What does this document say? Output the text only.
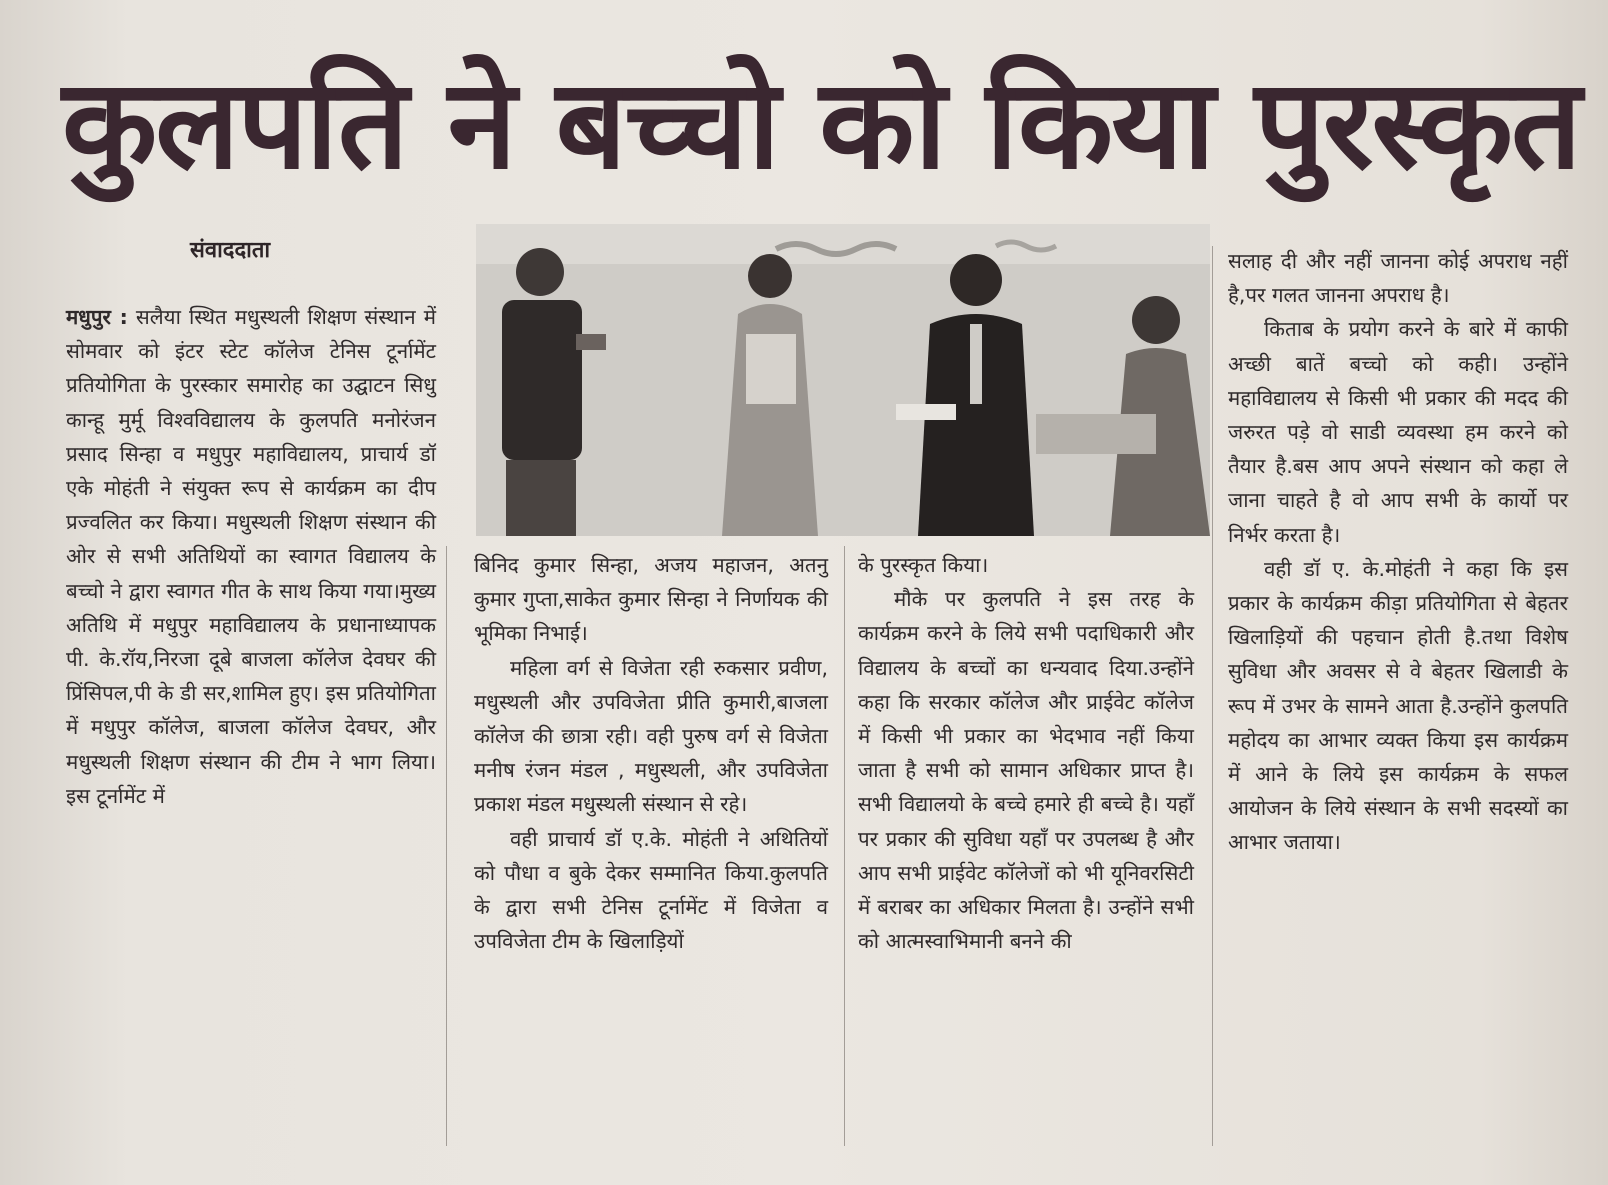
कुलपति ने बच्चो को किया पुरस्कृत
संवाददाता

मधुपुर : सलैया स्थित मधुस्थली शिक्षण संस्थान में सोमवार को इंटर स्टेट कॉलेज टेनिस टूर्नामेंट प्रतियोगिता के पुरस्कार समारोह का उद्घाटन सिधु कान्हू मुर्मू विश्वविद्यालय के कुलपति मनोरंजन प्रसाद सिन्हा व मधुपुर महाविद्यालय, प्राचार्य डॉ एके मोहंती ने संयुक्त रूप से कार्यक्रम का दीप प्रज्वलित कर किया। मधुस्थली शिक्षण संस्थान की ओर से सभी अतिथियों का स्वागत विद्यालय के बच्चो ने द्वारा स्वागत गीत के साथ किया गया।मुख्य अतिथि में मधुपुर महाविद्यालय के प्रधानाध्यापक पी. के.रॉय,निरजा दूबे बाजला कॉलेज देवघर की प्रिंसिपल,पी के डी सर,शामिल हुए। इस प्रतियोगिता में मधुपुर कॉलेज, बाजला कॉलेज देवघर, और मधुस्थली शिक्षण संस्थान की टीम ने भाग लिया। इस टूर्नामेंट में

बिनिद कुमार सिन्हा, अजय महाजन, अतनु कुमार गुप्ता,साकेत कुमार सिन्हा ने निर्णायक की भूमिका निभाई।

महिला वर्ग से विजेता रही रुकसार प्रवीण, मधुस्थली और उपविजेता प्रीति कुमारी,बाजला कॉलेज की छात्रा रही। वही पुरुष वर्ग से विजेता मनीष रंजन मंडल , मधुस्थली, और उपविजेता प्रकाश मंडल मधुस्थली संस्थान से रहे।

वही प्राचार्य डॉ ए.के. मोहंती ने अथितियों को पौधा व बुके देकर सम्मानित किया.कुलपति के द्वारा सभी टेनिस टूर्नामेंट में विजेता व उपविजेता टीम के खिलाड़ियों

के पुरस्कृत किया।

मौके पर कुलपति ने इस तरह के कार्यक्रम करने के लिये सभी पदाधिकारी और विद्यालय के बच्चों का धन्यवाद दिया.उन्होंने कहा कि सरकार कॉलेज और प्राईवेट कॉलेज में किसी भी प्रकार का भेदभाव नहीं किया जाता है सभी को सामान अधिकार प्राप्त है। सभी विद्यालयो के बच्चे हमारे ही बच्चे है। यहाँ पर प्रकार की सुविधा यहाँ पर उपलब्ध है और आप सभी प्राईवेट कॉलेजों को भी यूनिवरसिटी में बराबर का अधिकार मिलता है। उन्होंने सभी को आत्मस्वाभिमानी बनने की

सलाह दी और नहीं जानना कोई अपराध नहीं है,पर गलत जानना अपराध है।

किताब के प्रयोग करने के बारे में काफी अच्छी बातें बच्चो को कही। उन्होंने महाविद्यालय से किसी भी प्रकार की मदद की जरुरत पड़े वो साडी व्यवस्था हम करने को तैयार है.बस आप अपने संस्थान को कहा ले जाना चाहते है वो आप सभी के कार्यो पर निर्भर करता है।

वही डॉ ए. के.मोहंती ने कहा कि इस प्रकार के कार्यक्रम कीड़ा प्रतियोगिता से बेहतर खिलाड़ियों की पहचान होती है.तथा विशेष सुविधा और अवसर से वे बेहतर खिलाडी के रूप में उभर के सामने आता है.उन्होंने कुलपति महोदय का आभार व्यक्त किया इस कार्यक्रम में आने के लिये इस कार्यक्रम के सफल आयोजन के लिये संस्थान के सभी सदस्यों का आभार जताया।
